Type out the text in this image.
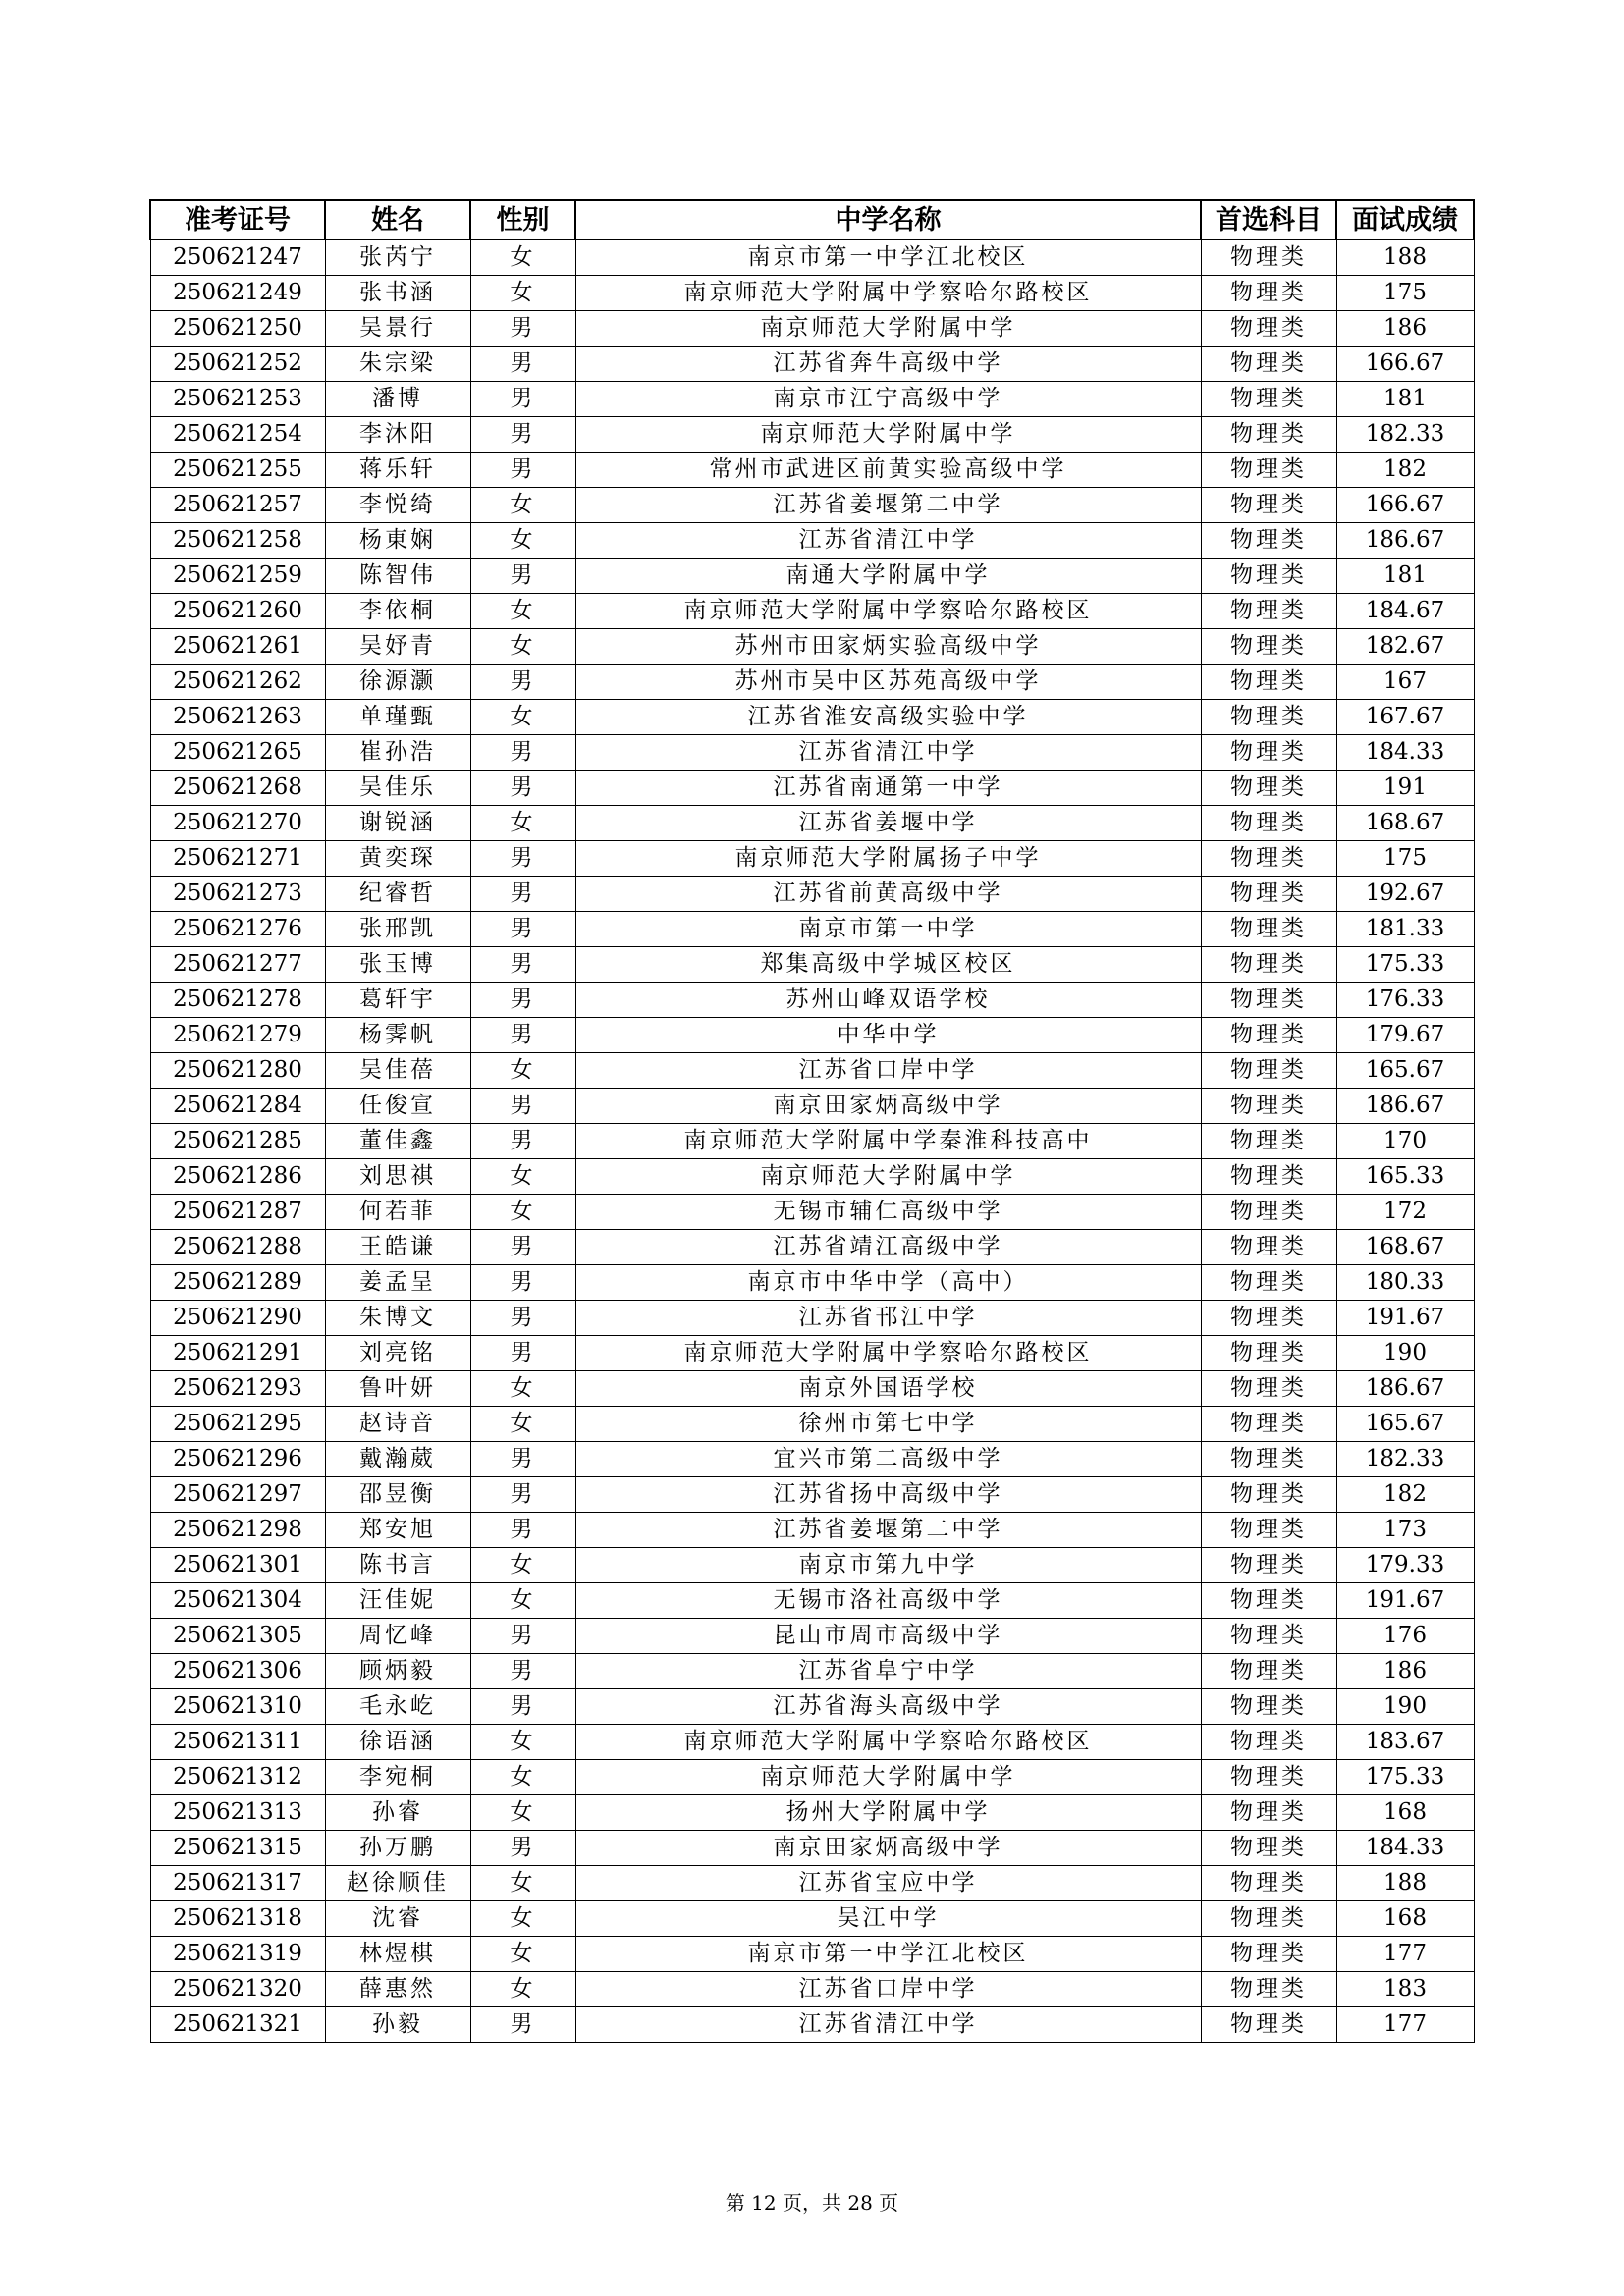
准考证号	姓名	性别	中学名称	首选科目	面试成绩
250621247	张芮宁	女	南京市第一中学江北校区	物理类	188
250621249	张书涵	女	南京师范大学附属中学察哈尔路校区	物理类	175
250621250	吴景行	男	南京师范大学附属中学	物理类	186
250621252	朱宗梁	男	江苏省奔牛高级中学	物理类	166.67
250621253	潘博	男	南京市江宁高级中学	物理类	181
250621254	李沐阳	男	南京师范大学附属中学	物理类	182.33
250621255	蒋乐轩	男	常州市武进区前黄实验高级中学	物理类	182
250621257	李悦绮	女	江苏省姜堰第二中学	物理类	166.67
250621258	杨東娴	女	江苏省清江中学	物理类	186.67
250621259	陈智伟	男	南通大学附属中学	物理类	181
250621260	李依桐	女	南京师范大学附属中学察哈尔路校区	物理类	184.67
250621261	吴妤青	女	苏州市田家炳实验高级中学	物理类	182.67
250621262	徐源灏	男	苏州市吴中区苏苑高级中学	物理类	167
250621263	单瑾甄	女	江苏省淮安高级实验中学	物理类	167.67
250621265	崔孙浩	男	江苏省清江中学	物理类	184.33
250621268	吴佳乐	男	江苏省南通第一中学	物理类	191
250621270	谢锐涵	女	江苏省姜堰中学	物理类	168.67
250621271	黄奕琛	男	南京师范大学附属扬子中学	物理类	175
250621273	纪睿哲	男	江苏省前黄高级中学	物理类	192.67
250621276	张邢凯	男	南京市第一中学	物理类	181.33
250621277	张玉博	男	郑集高级中学城区校区	物理类	175.33
250621278	葛轩宇	男	苏州山峰双语学校	物理类	176.33
250621279	杨霁帆	男	中华中学	物理类	179.67
250621280	吴佳蓓	女	江苏省口岸中学	物理类	165.67
250621284	任俊宣	男	南京田家炳高级中学	物理类	186.67
250621285	董佳鑫	男	南京师范大学附属中学秦淮科技高中	物理类	170
250621286	刘思祺	女	南京师范大学附属中学	物理类	165.33
250621287	何若菲	女	无锡市辅仁高级中学	物理类	172
250621288	王皓谦	男	江苏省靖江高级中学	物理类	168.67
250621289	姜孟呈	男	南京市中华中学（高中）	物理类	180.33
250621290	朱博文	男	江苏省邗江中学	物理类	191.67
250621291	刘亮铭	男	南京师范大学附属中学察哈尔路校区	物理类	190
250621293	鲁叶妍	女	南京外国语学校	物理类	186.67
250621295	赵诗音	女	徐州市第七中学	物理类	165.67
250621296	戴瀚葳	男	宜兴市第二高级中学	物理类	182.33
250621297	邵昱衡	男	江苏省扬中高级中学	物理类	182
250621298	郑安旭	男	江苏省姜堰第二中学	物理类	173
250621301	陈书言	女	南京市第九中学	物理类	179.33
250621304	汪佳妮	女	无锡市洛社高级中学	物理类	191.67
250621305	周忆峰	男	昆山市周市高级中学	物理类	176
250621306	顾炳毅	男	江苏省阜宁中学	物理类	186
250621310	毛永屹	男	江苏省海头高级中学	物理类	190
250621311	徐语涵	女	南京师范大学附属中学察哈尔路校区	物理类	183.67
250621312	李宛桐	女	南京师范大学附属中学	物理类	175.33
250621313	孙睿	女	扬州大学附属中学	物理类	168
250621315	孙万鹏	男	南京田家炳高级中学	物理类	184.33
250621317	赵徐顺佳	女	江苏省宝应中学	物理类	188
250621318	沈睿	女	吴江中学	物理类	168
250621319	林煜棋	女	南京市第一中学江北校区	物理类	177
250621320	薛惠然	女	江苏省口岸中学	物理类	183
250621321	孙毅	男	江苏省清江中学	物理类	177
第 12 页，共 28 页
